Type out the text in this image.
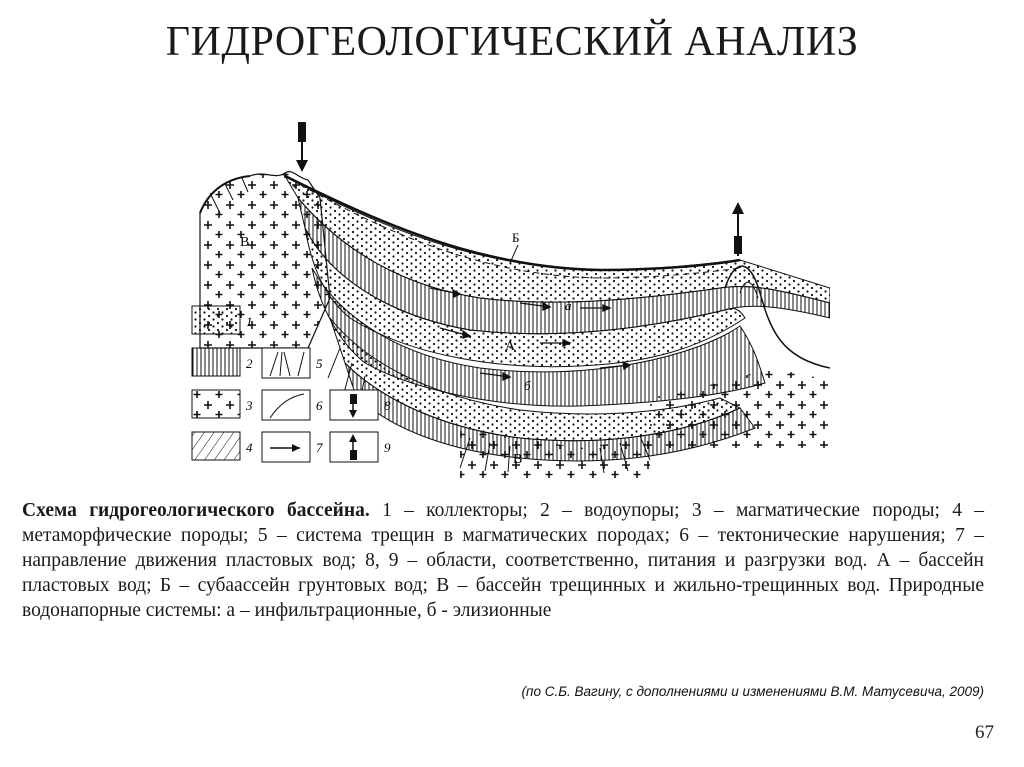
ГИДРОГЕОЛОГИЧЕСКИЙ АНАЛИЗ
В	Б
а
А
б
В
1
2
3
4
5
6
7
8
9
Схема гидрогеологического бассейна. 1 – коллекторы; 2 – водоупоры; 3 – магматические породы; 4 – метаморфические породы; 5 – система трещин в магматических породах; 6 – тектонические нарушения; 7 – направление движения пластовых вод; 8, 9 – области, соответственно, питания и разгрузки вод. А – бассейн пластовых вод; Б – субаассейн грунтовых вод; В – бассейн трещинных и жильно-трещинных вод. Природные водонапорные системы: а – инфильтрационные, б - элизионные
(по С.Б. Вагину, с дополнениями и изменениями В.М. Матусевича, 2009)
67
